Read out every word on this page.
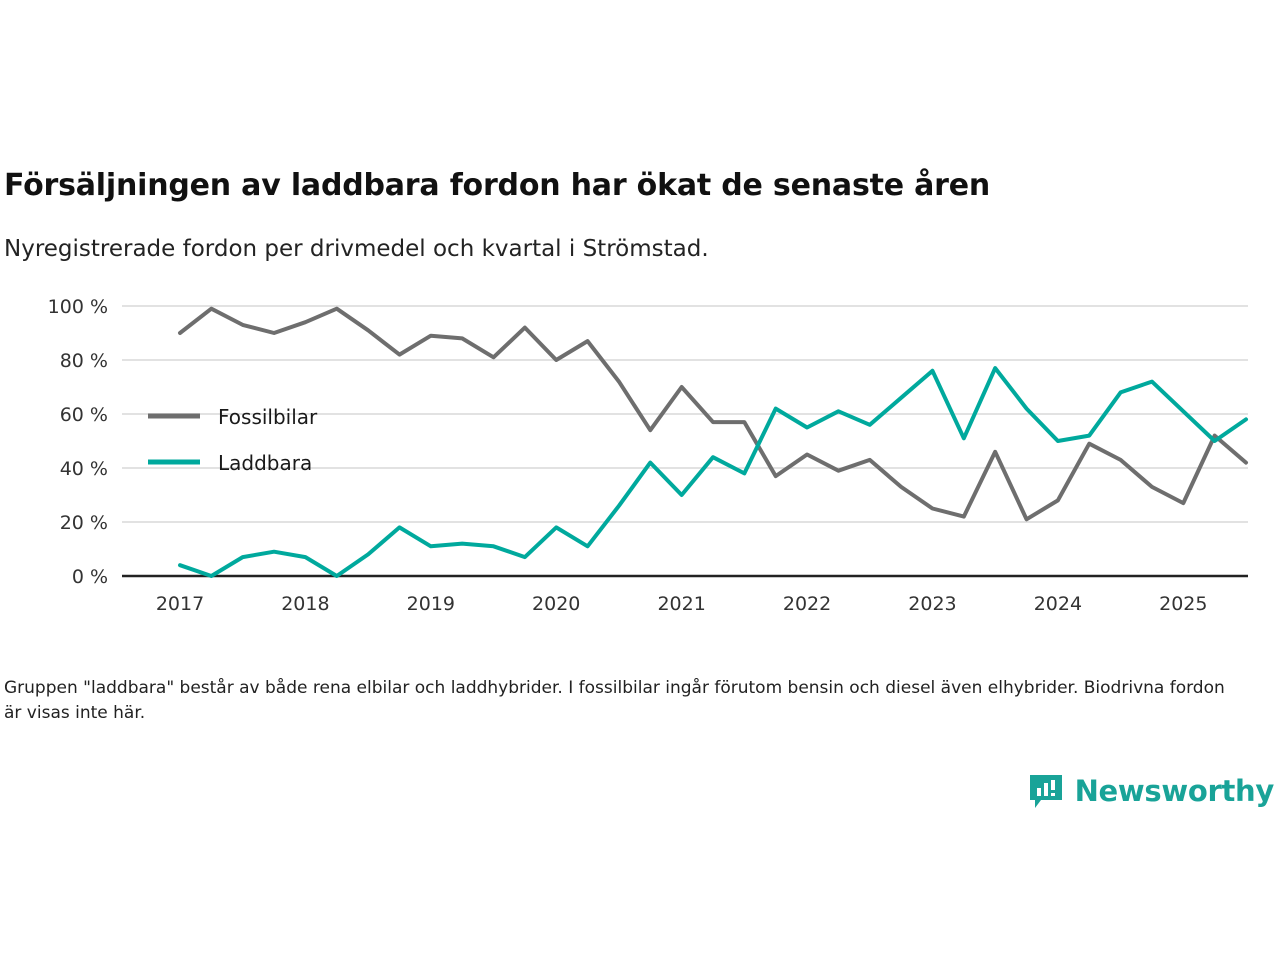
Försäljningen av laddbara fordon har ökat de senaste åren
Nyregistrerade fordon per drivmedel och kvartal i Strömstad.
0 %
20 %
40 %
60 %
80 %
100 %
2017	2018	2019	2020	2021	2022	2023	2024	2025
Fossilbilar
Laddbara
Gruppen "laddbara" består av både rena elbilar och laddhybrider. I fossilbilar ingår förutom bensin och diesel även elhybrider. Biodrivna fordon är visas inte här.
Newsworthy
